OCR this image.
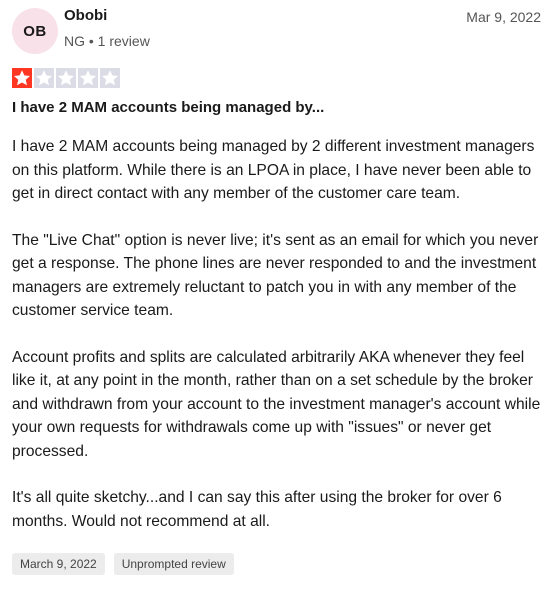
OB
Obobi
NG • 1 review
Mar 9, 2022
I have 2 MAM accounts being managed by...

I have 2 MAM accounts being managed by 2 different investment managers on this platform. While there is an LPOA in place, I have never been able to get in direct contact with any member of the customer care team.

The "Live Chat" option is never live; it's sent as an email for which you never get a response. The phone lines are never responded to and the investment managers are extremely reluctant to patch you in with any member of the customer service team.

Account profits and splits are calculated arbitrarily AKA whenever they feel like it, at any point in the month, rather than on a set schedule by the broker and withdrawn from your account to the investment manager's account while your own requests for withdrawals come up with "issues" or never get processed.

It's all quite sketchy...and I can say this after using the broker for over 6 months. Would not recommend at all.

March 9, 2022	Unprompted review
